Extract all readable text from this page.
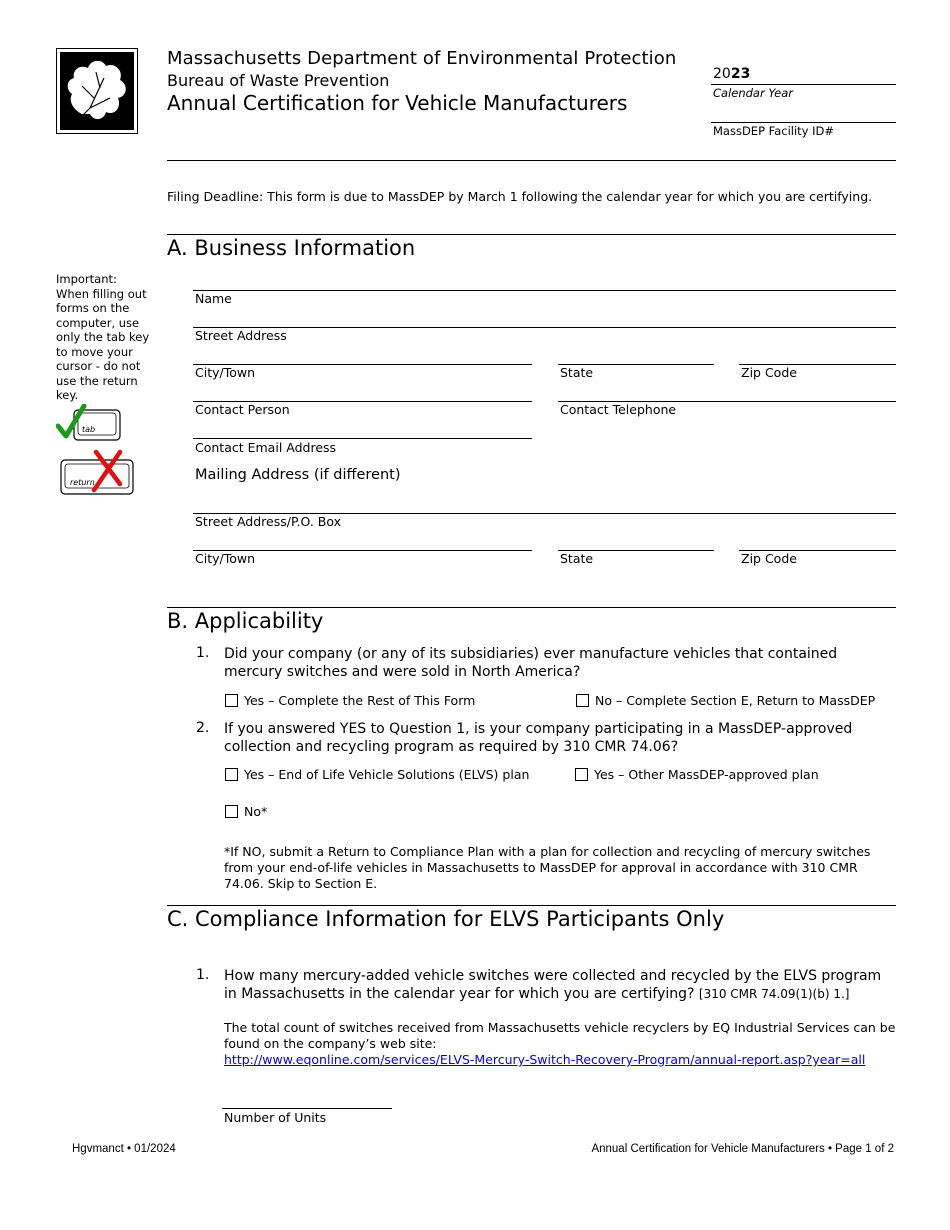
Massachusetts Department of Environmental Protection
Bureau of Waste Prevention
Annual Certification for Vehicle Manufacturers
2023
Calendar Year
MassDEP Facility ID#
Filing Deadline: This form is due to MassDEP by March 1 following the calendar year for which you are certifying.
Important: When filling out forms on the computer, use only the tab key to move your cursor - do not use the return key.
tab
return
A. Business Information
Name
Street Address
City/Town	State	Zip Code
Contact Person	Contact Telephone
Contact Email Address
Mailing Address (if different)
Street Address/P.O. Box
City/Town	State	Zip Code
B. Applicability
1. Did your company (or any of its subsidiaries) ever manufacture vehicles that contained mercury switches and were sold in North America?
Yes – Complete the Rest of This Form	No – Complete Section E, Return to MassDEP
2. If you answered YES to Question 1, is your company participating in a MassDEP-approved collection and recycling program as required by 310 CMR 74.06?
Yes – End of Life Vehicle Solutions (ELVS) plan	Yes – Other MassDEP-approved plan
No*
*If NO, submit a Return to Compliance Plan with a plan for collection and recycling of mercury switches from your end-of-life vehicles in Massachusetts to MassDEP for approval in accordance with 310 CMR 74.06. Skip to Section E.
C. Compliance Information for ELVS Participants Only
1. How many mercury-added vehicle switches were collected and recycled by the ELVS program in Massachusetts in the calendar year for which you are certifying? [310 CMR 74.09(1)(b) 1.]
The total count of switches received from Massachusetts vehicle recyclers by EQ Industrial Services can be found on the company’s web site:
http://www.eqonline.com/services/ELVS-Mercury-Switch-Recovery-Program/annual-report.asp?year=all
Number of Units
Hgvmanct • 01/2024	Annual Certification for Vehicle Manufacturers • Page 1 of 2
